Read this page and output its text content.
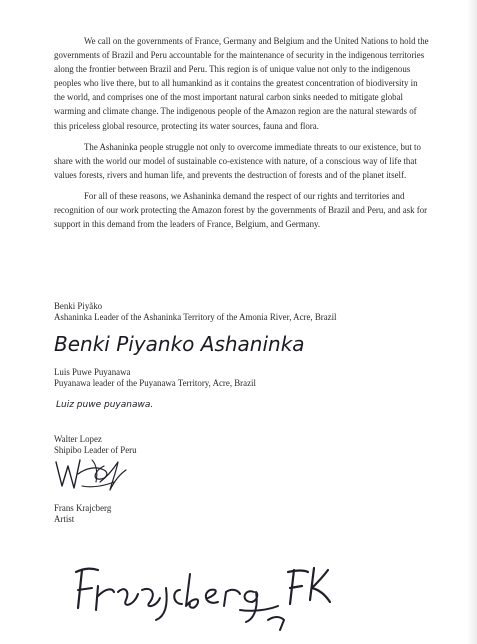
We call on the governments of France, Germany and Belgium and the United Nations to hold the governments of Brazil and Peru accountable for the maintenance of security in the indigenous territories along the frontier between Brazil and Peru. This region is of unique value not only to the indigenous peoples who live there, but to all humankind as it contains the greatest concentration of biodiversity in the world, and comprises one of the most important natural carbon sinks needed to mitigate global warming and climate change. The indigenous people of the Amazon region are the natural stewards of this priceless global resource, protecting its water sources, fauna and flora.

The Ashaninka people struggle not only to overcome immediate threats to our existence, but to share with the world our model of sustainable co-existence with nature, of a conscious way of life that values forests, rivers and human life, and prevents the destruction of forests and of the planet itself.

For all of these reasons, we Ashaninka demand the respect of our rights and territories and recognition of our work protecting the Amazon forest by the governments of Brazil and Peru, and ask for support in this demand from the leaders of France, Belgium, and Germany.

Benki Piyãko
Ashaninka Leader of the Ashaninka Territory of the Amonia River, Acre, Brazil
Benki Piyanko Ashaninka
Luis Puwe Puyanawa
Puyanawa leader of the Puyanawa Territory, Acre, Brazil
Luiz puwe puyanawa.
Walter Lopez
Shipibo Leader of Peru
Frans Krajcberg
Artist
